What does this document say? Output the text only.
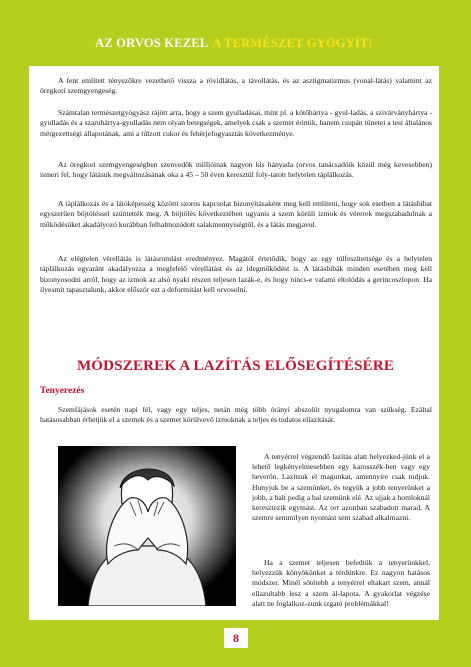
AZ ORVOS KEZEL A TERMÉSZET GYÓGYÍT!

A fent említett tényezőkre vezethető vissza a rövidlátás, a távollátás, és az asztigmatizmus (vonal-látás) valamint az öregkori szemgyengeség.

Számtalan természetgyógyász rájött arra, hogy a szem gyulladásai, mint pl. a kötőhártya - gyul-ladás, a szivárványhártya - gyulladás és a szaruhártya-gyulladás nem olyan betegségek, amelyek csak a szemet érintik, hanem csupán tünetei a test általános mérgezettségi állapotának, ami a túlzott cukor és fehérjefogyasztás következménye.

Az öregkori szemgyengeségben szenvedők millióinak nagyon kis hányada (orvos tanácsadóik közül még kevesebben) ismeri fel, hogy látásuk megváltozásának oka a 45 – 50 éven keresztül foly-tatott helytelen táplálkozás.

A táplálkozás és a látóképesség közötti szoros kapcsolat bizonyításaként meg kell említeni, hogy sok esetben a látásbíbat egyszerűen böjtöléssel szüntették meg. A böjtölés következtében ugyanis a szem körüli izmok és vérerek megszabadulnak a működésüket akadályozó korábban felhalmozódott salakmennyiségtől, és a látás megjavul.

Az elégtelen vérellátás is látásromlást eredményez. Magától értetődik, hogy az egy túlfeszítettsége és a helytelen táplálkozás egyaránt akadályozza a megfelelő vérellátást és az idegműködést is. A látásbíbák minden esetében meg kell bizonyosodni arról, hogy az izmok az alsó nyaki részen teljesen lazák-e, és hogy nincs-e valami eltolódás a gerincoszlopon. Ha ilyesmit tapasztalunk, akkor először ezt a deformitást kell orvosolni.

MÓDSZEREK A LAZÍTÁS ELŐSEGÍTÉSÉRE
Tenyerezés

Szemfájások esetén napi fél, vagy egy teljes, netán még több órányi abszolút nyugalomra van szükség. Ezáltal hatásosabban érhetjük el a szemek és a szemet körülvevő izmoknak a teljes és tudatos ellazítását.

A tenyérrel végzendő lazítás alatt helyezked-jünk el a lehető legkényelmesebben egy karosszék-ben vagy egy heverőn. Lazítsuk el magunkat, amennyire csak tudjuk. Hunyjuk be a szemünket, és tegyük a jobb tenyerünket a jobb, a balt pedig a bal szemünk elé. Az ujjak a homloknál keresztezik egymást. Az orr azonban szabadon marad. A szemre semmilyen nyomást sem szabad alkalmazni.

Ha a szemet teljesen befedtük a tenyerünkkel, helyezzük könyökünket a térdünkre. Ez nagyon hatásos módszer. Minél sötétebb a tenyérrel eltakart szem, annál ellazultabb lesz a szem ál-lapota. A gyakorlat végzése alatt ne foglalkoz-zunk izgató problémákkal!

8
